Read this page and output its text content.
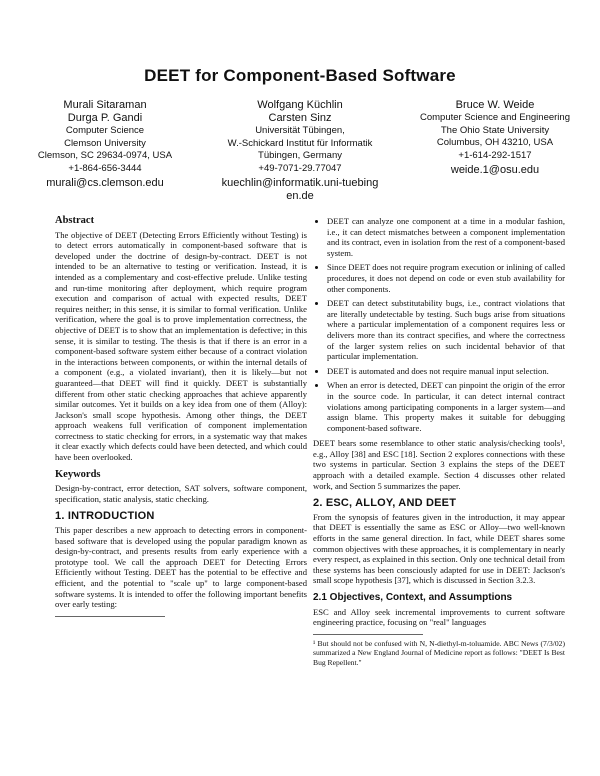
DEET for Component-Based Software
Murali Sitaraman
Durga P. Gandi
Computer Science
Clemson University
Clemson, SC 29634-0974, USA
+1-864-656-3444
murali@cs.clemson.edu
Wolfgang Küchlin
Carsten Sinz
Universität Tübingen,
W.-Schickard Institut für Informatik
Tübingen, Germany
+49-7071-29.77047
kuechlin@informatik.uni-tuebingen.de
Bruce W. Weide
Computer Science and Engineering
The Ohio State University
Columbus, OH 43210, USA
+1-614-292-1517
weide.1@osu.edu
Abstract

The objective of DEET (Detecting Errors Efficiently without Testing) is to detect errors automatically in component-based software that is developed under the doctrine of design-by-contract. DEET is not intended to be an alternative to testing or verification. Instead, it is intended as a complementary and cost-effective prelude. Unlike testing and run-time monitoring after deployment, which require program execution and comparison of actual with expected results, DEET requires neither; in this sense, it is similar to formal verification. Unlike verification, where the goal is to prove implementation correctness, the objective of DEET is to show that an implementation is defective; in this sense, it is similar to testing. The thesis is that if there is an error in a component-based software system either because of a contract violation in the interactions between components, or within the internal details of a component (e.g., a violated invariant), then it is likely—but not guaranteed—that DEET will find it quickly. DEET is substantially different from other static checking approaches that achieve apparently similar outcomes. Yet it builds on a key idea from one of them (Alloy): Jackson's small scope hypothesis. Among other things, the DEET approach weakens full verification of component implementation correctness to static checking for errors, in a systematic way that makes it clear exactly which defects could have been detected, and which could have been overlooked.

Keywords

Design-by-contract, error detection, SAT solvers, software component, specification, static analysis, static checking.

1. INTRODUCTION

This paper describes a new approach to detecting errors in component-based software that is developed using the popular paradigm known as design-by-contract, and presents results from early experience with a prototype tool. We call the approach DEET for Detecting Errors Efficiently without Testing. DEET has the potential to be effective and efficient, and the potential to "scale up" to large component-based software systems. It is intended to offer the following important benefits over early testing:

• DEET can analyze one component at a time in a modular fashion, i.e., it can detect mismatches between a component implementation and its contract, even in isolation from the rest of a component-based system.
• Since DEET does not require program execution or inlining of called procedures, it does not depend on code or even stub availability for other components.
• DEET can detect substitutability bugs, i.e., contract violations that are literally undetectable by testing. Such bugs arise from situations where a particular implementation of a component requires less or delivers more than its contract specifies, and where the correctness of the larger system relies on such incidental behavior of that particular implementation.
• DEET is automated and does not require manual input selection.
• When an error is detected, DEET can pinpoint the origin of the error in the source code. In particular, it can detect internal contract violations among participating components in a larger system—and assign blame. This property makes it suitable for debugging component-based software.

DEET bears some resemblance to other static analysis/checking tools¹, e.g., Alloy [38] and ESC [18]. Section 2 explores connections with these two systems in particular. Section 3 explains the steps of the DEET approach with a detailed example. Section 4 discusses other related work, and Section 5 summarizes the paper.

2. ESC, ALLOY, AND DEET

From the synopsis of features given in the introduction, it may appear that DEET is essentially the same as ESC or Alloy—two well-known efforts in the same general direction. In fact, while DEET shares some common objectives with these approaches, it is complementary in nearly every respect, as explained in this section. Only one technical detail from these systems has been consciously adapted for use in DEET: Jackson's small scope hypothesis [37], which is discussed in Section 3.2.3.

2.1 Objectives, Context, and Assumptions

ESC and Alloy seek incremental improvements to current software engineering practice, focusing on "real" languages

¹ But should not be confused with N, N-diethyl-m-toluamide. ABC News (7/3/02) summarized a New England Journal of Medicine report as follows: "DEET Is Best Bug Repellent."
